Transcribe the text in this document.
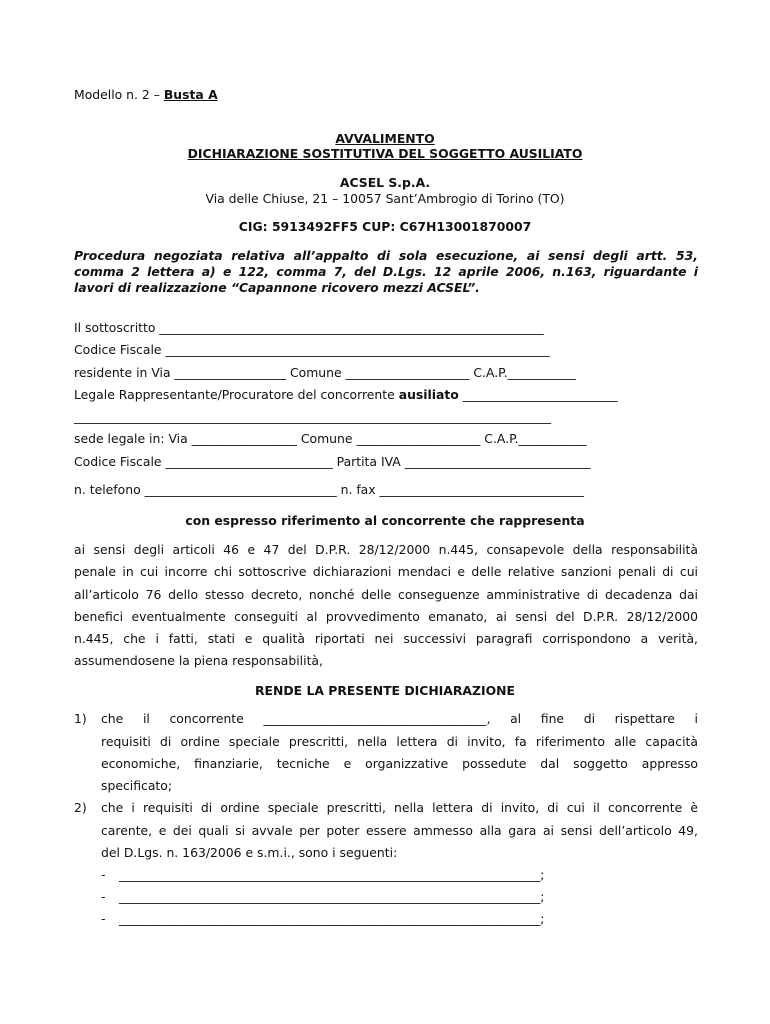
Modello n. 2 – Busta A
AVVALIMENTO
DICHIARAZIONE SOSTITUTIVA DEL SOGGETTO AUSILIATO
ACSEL S.p.A.
Via delle Chiuse, 21 – 10057 Sant’Ambrogio di Torino (TO)
CIG: 5913492FF5 CUP: C67H13001870007
Procedura negoziata relativa all’appalto di sola esecuzione, ai sensi degli artt. 53,
comma 2 lettera a) e 122, comma 7, del D.Lgs. 12 aprile 2006, n.163, riguardante i
lavori di realizzazione “Capannone ricovero mezzi ACSEL”.
Il sottoscritto ______________________________________________________________
Codice Fiscale ______________________________________________________________
residente in Via __________________ Comune ____________________ C.A.P.___________
Legale Rappresentante/Procuratore del concorrente ausiliato _________________________
_____________________________________________________________________________
sede legale in: Via _________________ Comune ____________________ C.A.P.___________
Codice Fiscale ___________________________ Partita IVA ______________________________
n. telefono _______________________________ n. fax _________________________________
con espresso riferimento al concorrente che rappresenta
ai sensi degli articoli 46 e 47 del D.P.R. 28/12/2000 n.445, consapevole della responsabilità
penale in cui incorre chi sottoscrive dichiarazioni mendaci e delle relative sanzioni penali di cui
all’articolo 76 dello stesso decreto, nonché delle conseguenze amministrative di decadenza dai
benefici eventualmente conseguiti al provvedimento emanato, ai sensi del D.P.R. 28/12/2000
n.445, che i fatti, stati e qualità riportati nei successivi paragrafi corrispondono a verità,
assumendosene la piena responsabilità,
RENDE LA PRESENTE DICHIARAZIONE
1) che il concorrente ____________________________________, al fine di rispettare i
requisiti di ordine speciale prescritti, nella lettera di invito, fa riferimento alle capacità
economiche, finanziarie, tecniche e organizzative possedute dal soggetto appresso
specificato;
2) che i requisiti di ordine speciale prescritti, nella lettera di invito, di cui il concorrente è
carente, e dei quali si avvale per poter essere ammesso alla gara ai sensi dell’articolo 49,
del D.Lgs. n. 163/2006 e s.m.i., sono i seguenti:
- ____________________________________________________________________;
- ____________________________________________________________________;
- ____________________________________________________________________;
